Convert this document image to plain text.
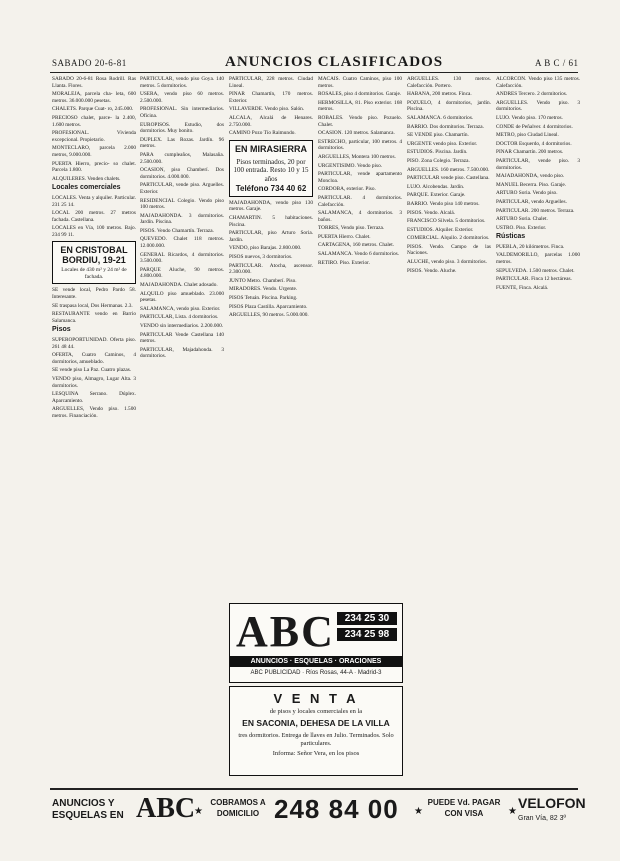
SABADO 20-6-81	ANUNCIOS CLASIFICADOS	A B C / 61

SABADO 20-6-81 Rosa Rodrill. Ras Llanta. Flores.

MORALEJA, parcela cha- leta, 600 metros. 36.000.000 pesetas.

CHALETS. Parque Cuat- ro, 245.000.

PRECIOSO chalet, parce- la 2.400, 1.600 metros.

PROFESIONAL. Vivienda excepcional. Propietario.

MONTECLARO, parcela 2.000 metros, 9.000.000.

PUERTA Hierro, precio- so chalet. Parcela 1.800.

ALQUILERES. Venden chalets.

Locales comerciales

LOCALES. Venta y alquiler. Particular. 231 25 14.

LOCAL 200 metros. 27 metros fachada. Castellana.

LOCALES en Vía, 100 metros. Bajo. 234 99 11.

EN CRISTOBAL BORDIU, 19-21
Locales de 430 m² y 24 m² de fachada.

SE vende local, Pedro Pardo 58. Interesante.

SE traspasa local, Dos Hermanas. 2.3.

RESTAURANTE vendo en Barrio Salamanca.

Pisos

SUPEROPORTUNIDAD. Oferta piso. 261 48 44.

OFERTA, Cuatro Caminos, 4 dormitorios, amueblado.

SE vende piso La Paz. Cuatro plazas.

VENDO piso, Almagro, Lugar Alta. 3 dormitorios.

LESQUINA Serrano. Dúplex. Aparcamiento.

ARGUELLES, Vendo piso. 1.500 metros. Financiación.

PARTICULAR, vendo piso Goya. 140 metros. 5 dormitorios.

USERA, vendo piso 60 metros. 2.500.000.

PROFESIONAL. Sin intermediarios. Oficina.

EUROPISOS. Estudio, dos dormitorios. Muy bonito.

DUPLEX. Las Rozas. Jardín. 96 metros.

PARA cumpleaños, Malasaña. 2.500.000.

OCASION, piso Chamberí. Dos dormitorios. 4.000.000.

PARTICULAR, vende piso. Arguelles. Exterior.

RESIDENCIAL Colegio. Vendo piso 100 metros.

MAJADAHONDA. 3 dormitorios. Jardín. Piscina.

PISOS. Vendo Chamartín. Terraza.

QUEVEDO. Chalet 118 metros. 12.000.000.

GENERAL Ricardos, 4 dormitorios. 3.500.000.

PARQUE Aluche, 90 metros. 4.800.000.

MAJADAHONDA. Chalet adosado.

ALQUILO piso amueblado. 23.000 pesetas.

SALAMANCA, vendo piso. Exterior.

PARTICULAR, Lista. 4 dormitorios.

VENDO sin intermediarios. 2.200.000.

PARTICULAR Vende Castellana 140 metros.

PARTICULAR, Majadahonda. 3 dormitorios.

PARTICULAR, 228 metros. Ciudad Lineal.

PINAR Chamartín, 170 metros. Exterior.

VILLAVERDE. Vendo piso. Salón.

ALCALA, Alcalá de Henares. 2.750.000.

CAMINO Pozo Tío Raimundo.

EN MIRASIERRA
Pisos terminados, 20 por 100 entrada. Resto 10 y 15 años
Teléfono 734 40 62

MAJADAHONDA, vendo piso 130 metros. Garaje.

CHAMARTIN. 5 habitaciones. Piscina.

PARTICULAR, piso Arturo Soria. Jardín.

VENDO, piso Barajas. 2.800.000.

PISOS nuevos, 3 dormitorios.

PARTICULAR. Atocha, ascensor. 2.300.000.

JUNTO Metro. Chamberí. Piso.

MIRADORES. Vendo. Urgente.

PISOS Tetuán. Piscina. Parking.

PISOS Plaza Castilla. Aparcamiento.

ARGUELLES, 90 metros. 5.000.000.

MACAIS. Cuatro Caminos, piso 100 metros.

ROSALES, piso 4 dormitorios. Garaje.

HERMOSILLA, 81. Piso exterior. 168 metros.

ROBALES. Vendo piso. Pozuelo. Chalet.

OCASION. 120 metros. Salamanca.

ESTRECHO, particular, 100 metros. 4 dormitorios.

ARGUELLES, Montera 100 metros.

URGENTISIMO. Vendo piso.

PARTICULAR, vende apartamento Moncloa.

CORDOBA, exterior. Piso.

PARTICULAR. 4 dormitorios. Calefacción.

SALAMANCA, 4 dormitorios. 3 baños.

TORRES, Vendo piso. Terraza.

PUERTA Hierro. Chalet.

CARTAGENA, 160 metros. Chalet.

SALAMANCA. Vendo 6 dormitorios.

RETIRO. Piso. Exterior.

ARGUELLES. 130 metros. Calefacción. Portero.

HABANA, 200 metros. Finca.

POZUELO, 4 dormitorios, jardín. Piscina.

SALAMANCA. 6 dormitorios.

BARRIO. Dos dormitorios. Terraza.

SE VENDE piso. Chamartín.

URGENTE vendo piso. Exterior.

ESTUDIOS. Piscina. Jardín.

PISO. Zona Colegio. Terraza.

ARGUELLES. 160 metros. 7.500.000.

PARTICULAR vende piso. Castellana.

LUJO. Alcobendas. Jardín.

PARQUE. Exterior. Garaje.

BARRIO. Vendo piso 140 metros.

PISOS. Vendo. Alcalá.

FRANCISCO Silvela. 5 dormitorios.

ESTUDIOS. Alquiler. Exterior.

COMERCIAL. Alquilo. 2 dormitorios.

PISOS. Vendo. Campo de las Naciones.

ALUCHE, vendo piso. 3 dormitorios.

PISOS. Vendo. Aluche.

ALCORCON. Vendo piso 135 metros. Calefacción.

ANDRES Tercero. 2 dormitorios.

ARGUELLES. Vendo piso. 3 dormitorios.

LUJO. Vendo piso. 170 metros.

CONDE de Peñalver. 4 dormitorios.

METRO, piso Ciudad Lineal.

DOCTOR Esquerdo, 4 dormitorios.

PINAR Chamartín. 200 metros.

PARTICULAR, vende piso. 3 dormitorios.

MAJADAHONDA, vendo piso.

MANUEL Becerra. Piso. Garaje.

ARTURO Soria. Vendo piso.

PARTICULAR, vendo Arguelles.

PARTICULAR. 200 metros. Terraza.

ARTURO Soria. Chalet.

USTRO. Piso. Exterior.

Rústicas

PUEBLA, 20 kilómetros. Finca.

VALDEMORILLO, parcelas 1.000 metros.

SEPULVEDA. 1.500 metros. Chalet.

PARTICULAR. Finca 12 hectáreas.

FUENTE, Finca. Alcalá.

ABC 234 25 30
234 25 98
ANUNCIOS · ESQUELAS · ORACIONES
ABC PUBLICIDAD · Ríos Rosas, 44-A · Madrid-3
V E N T A
de pisos y locales comerciales en la
EN SACONIA, DEHESA DE LA VILLA
tres dormitorios. Entrega de llaves en Julio. Terminados. Solo particulares.
Informa: Señor Vera, en los pisos
ANUNCIOS Y
ESQUELAS EN ABC
★
COBRAMOS A
DOMICILIO 248 84 00 ★
PUEDE Vd. PAGAR
CON VISA	★
VELOFON
Gran Vía, 82 3º
